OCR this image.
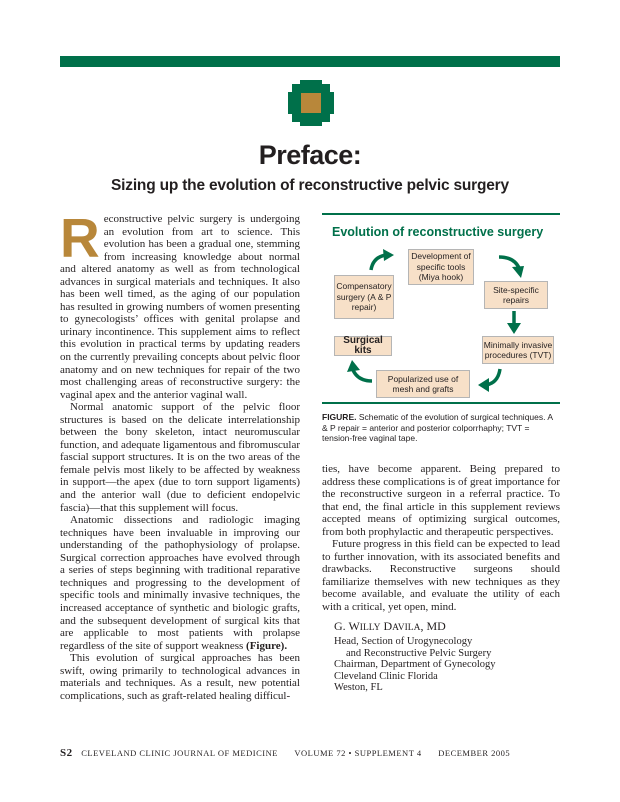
Preface:
Sizing up the evolution of reconstructive pelvic surgery

Reconstructive pelvic surgery is undergoing an evolution from art to science. This evolution has been a gradual one, stemming from increasing knowledge about normal and altered anatomy as well as from technological advances in surgical materials and techniques. It also has been well timed, as the aging of our population has resulted in growing numbers of women presenting to gynecologists’ offices with genital prolapse and urinary incontinence. This supplement aims to reflect this evolution in practical terms by updating readers on the currently prevailing concepts about pelvic floor anatomy and on new techniques for repair of the two most challenging areas of reconstructive surgery: the vaginal apex and the anterior vaginal wall.

Normal anatomic support of the pelvic floor structures is based on the delicate interrelationship between the bony skeleton, intact neuromuscular function, and adequate ligamentous and fibromuscular fascial support structures. It is on the two areas of the female pelvis most likely to be affected by weakness in support—the apex (due to torn support ligaments) and the anterior wall (due to deficient endopelvic fascia)—that this supplement will focus.

Anatomic dissections and radiologic imaging techniques have been invaluable in improving our understanding of the pathophysiology of prolapse. Surgical correction approaches have evolved through a series of steps beginning with traditional reparative techniques and progressing to the development of specific tools and minimally invasive techniques, the increased acceptance of synthetic and biologic grafts, and the subsequent development of surgical kits that are applicable to most patients with prolapse regardless of the site of support weakness (Figure).

This evolution of surgical approaches has been swift, owing primarily to technological advances in materials and techniques. As a result, new potential complications, such as graft-related healing difficul-

Evolution of reconstructive surgery
Development of specific tools (Miya hook)
Compensatory surgery (A & P repair)
Site-specific repairs
Surgical kits
Minimally invasive procedures (TVT)
Popularized use of mesh and grafts

FIGURE. Schematic of the evolution of surgical techniques. A & P repair = anterior and posterior colporrhaphy; TVT = tension-free vaginal tape.

ties, have become apparent. Being prepared to address these complications is of great importance for the reconstructive surgeon in a referral practice. To that end, the final article in this supplement reviews accepted means of optimizing surgical outcomes, from both prophylactic and therapeutic perspectives.

Future progress in this field can be expected to lead to further innovation, with its associated benefits and drawbacks. Reconstructive surgeons should familiarize themselves with new techniques as they become available, and evaluate the utility of each with a critical, yet open, mind.

G. WILLY DAVILA, MD
Head, Section of Urogynecology
and Reconstructive Pelvic Surgery
Chairman, Department of Gynecology
Cleveland Clinic Florida
Weston, FL
S2 CLEVELAND CLINIC JOURNAL OF MEDICINE VOLUME 72 • SUPPLEMENT 4 DECEMBER 2005
